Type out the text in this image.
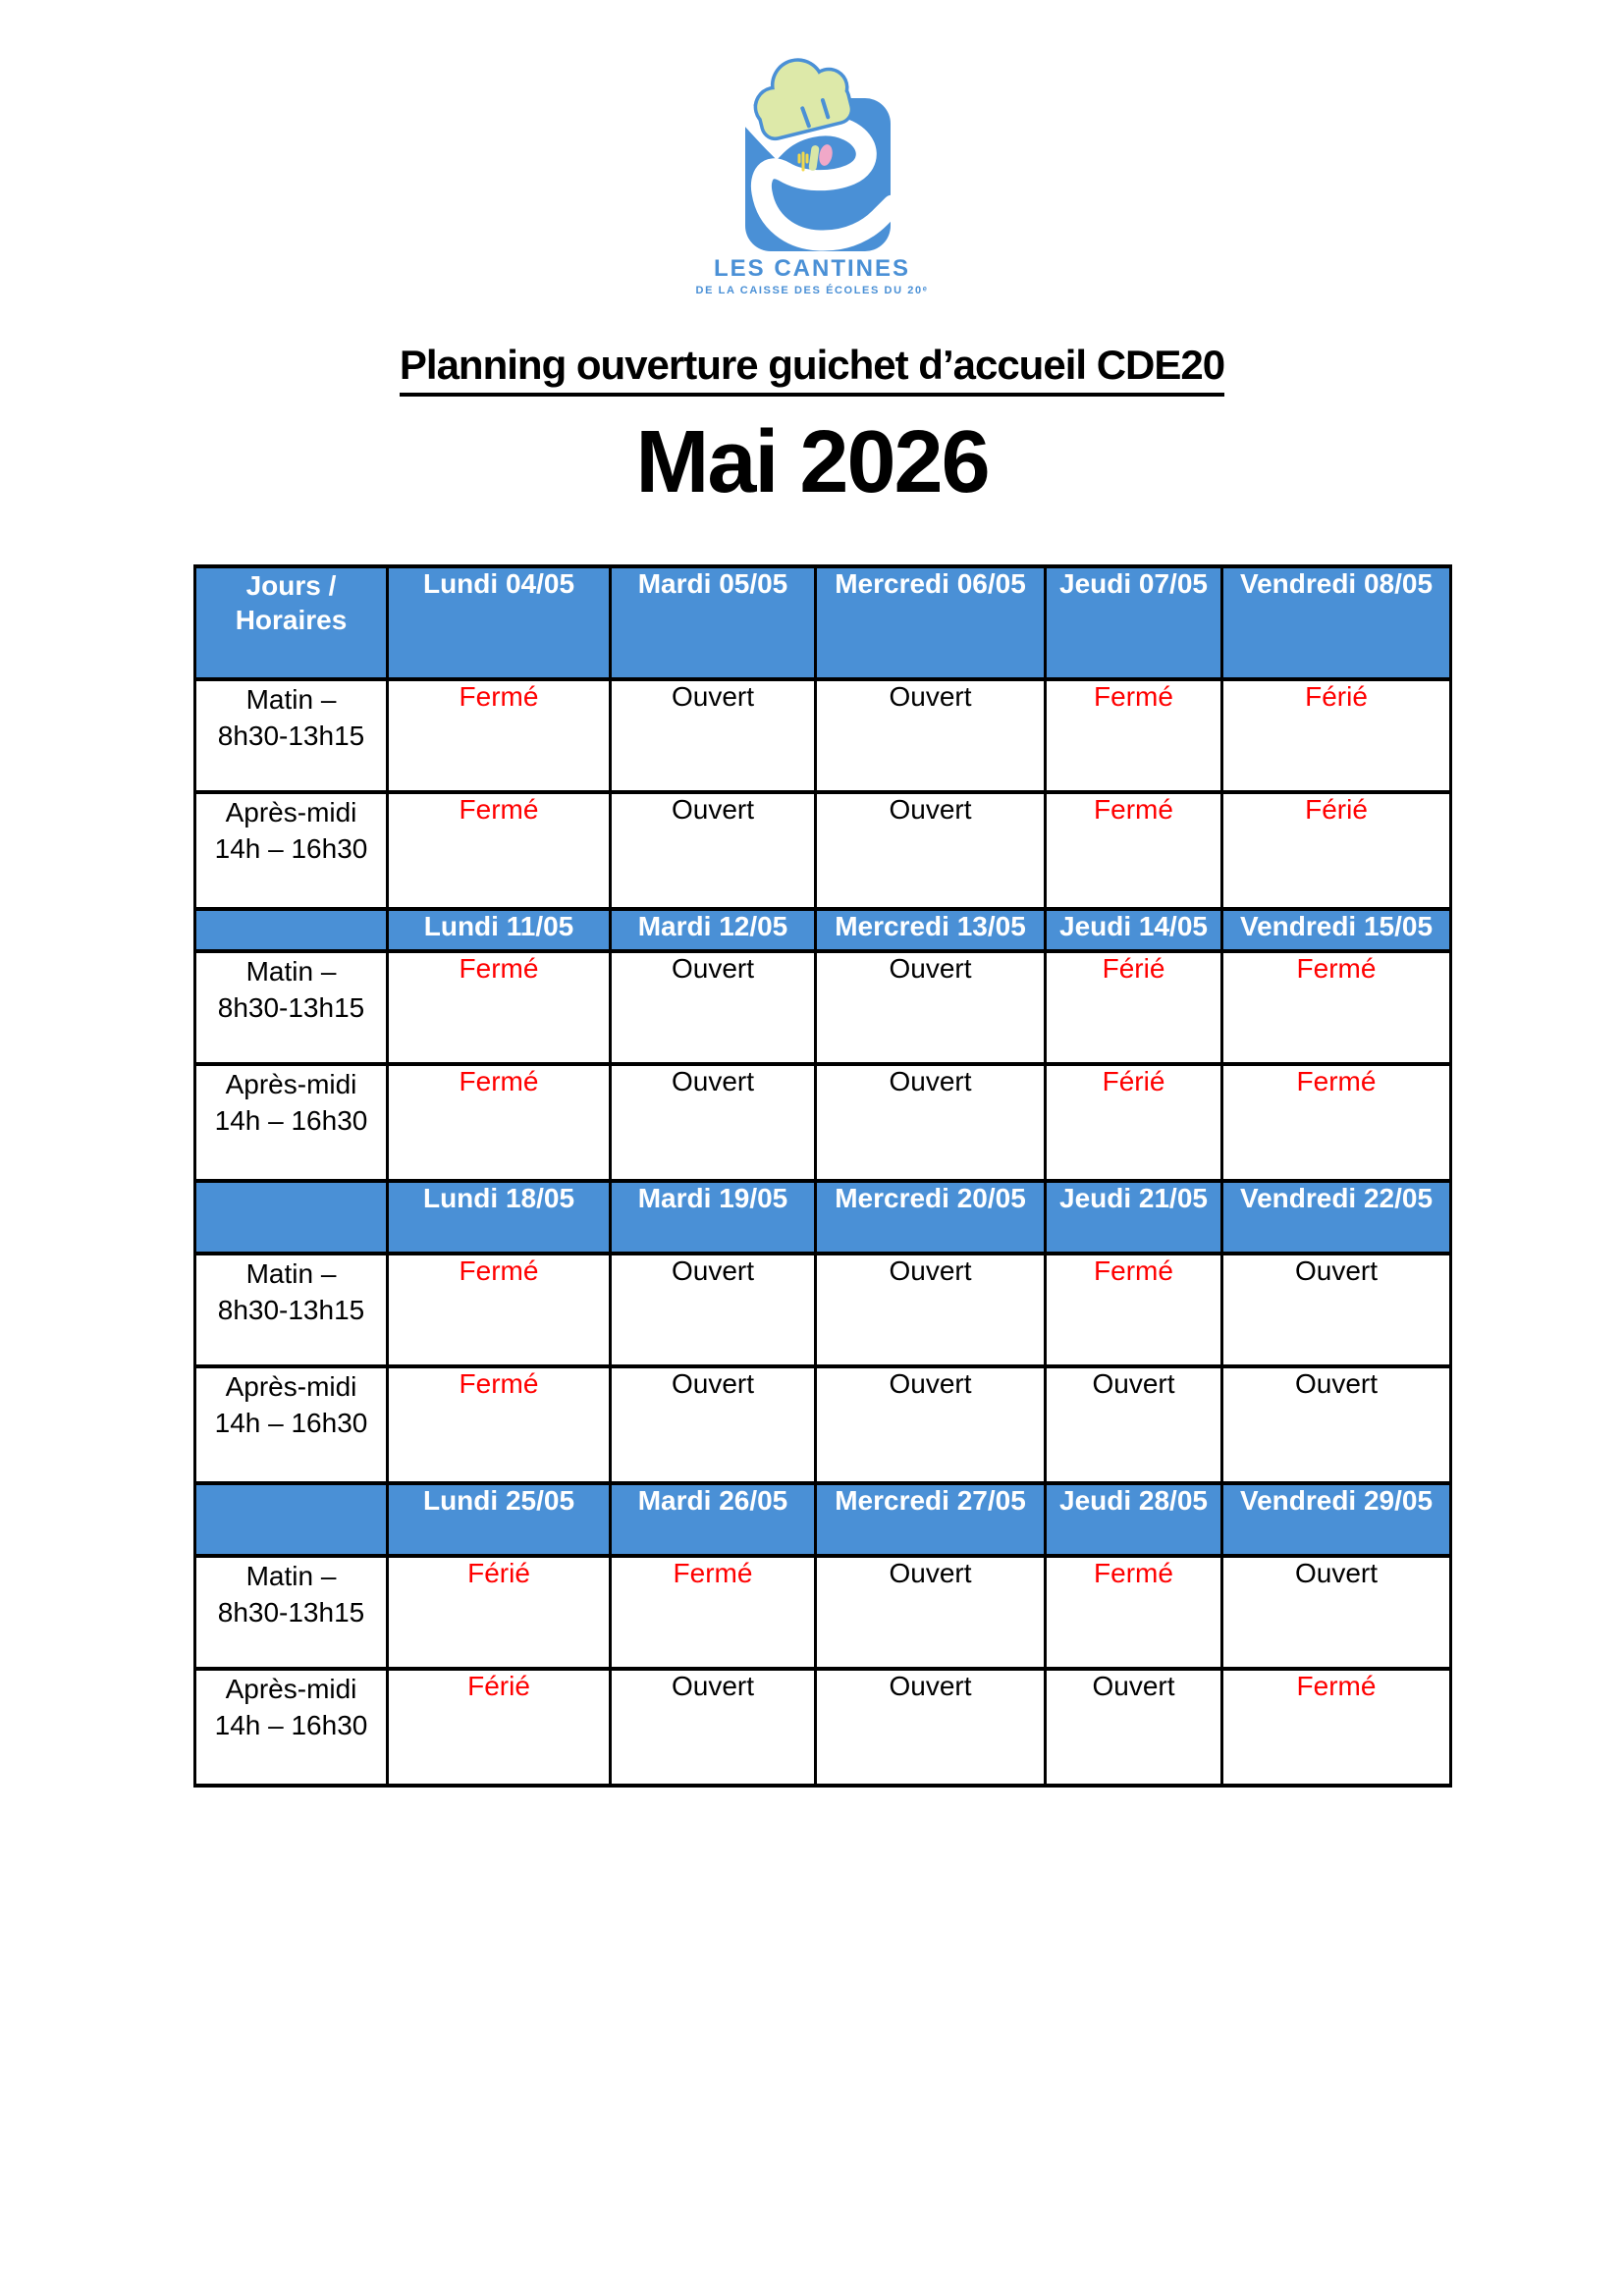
LES CANTINES
DE LA CAISSE DES ÉCOLES DU 20ᵉ
Planning ouverture guichet d’accueil CDE20
Mai 2026
Jours /
Horaires	Lundi 04/05	Mardi 05/05	Mercredi 06/05	Jeudi 07/05	Vendredi 08/05

Matin –
8h30-13h15	Fermé	Ouvert	Ouvert	Fermé	Férié

Après-midi
14h – 16h30	Fermé	Ouvert	Ouvert	Fermé	Férié
	Lundi 11/05	Mardi 12/05	Mercredi 13/05	Jeudi 14/05	Vendredi 15/05

Matin –
8h30-13h15	Fermé	Ouvert	Ouvert	Férié	Fermé

Après-midi
14h – 16h30	Fermé	Ouvert	Ouvert	Férié	Fermé
	Lundi 18/05	Mardi 19/05	Mercredi 20/05	Jeudi 21/05	Vendredi 22/05

Matin –
8h30-13h15	Fermé	Ouvert	Ouvert	Fermé	Ouvert

Après-midi
14h – 16h30	Fermé	Ouvert	Ouvert	Ouvert	Ouvert
	Lundi 25/05	Mardi 26/05	Mercredi 27/05	Jeudi 28/05	Vendredi 29/05

Matin –
8h30-13h15	Férié	Fermé	Ouvert	Fermé	Ouvert

Après-midi
14h – 16h30	Férié	Ouvert	Ouvert	Ouvert	Fermé
